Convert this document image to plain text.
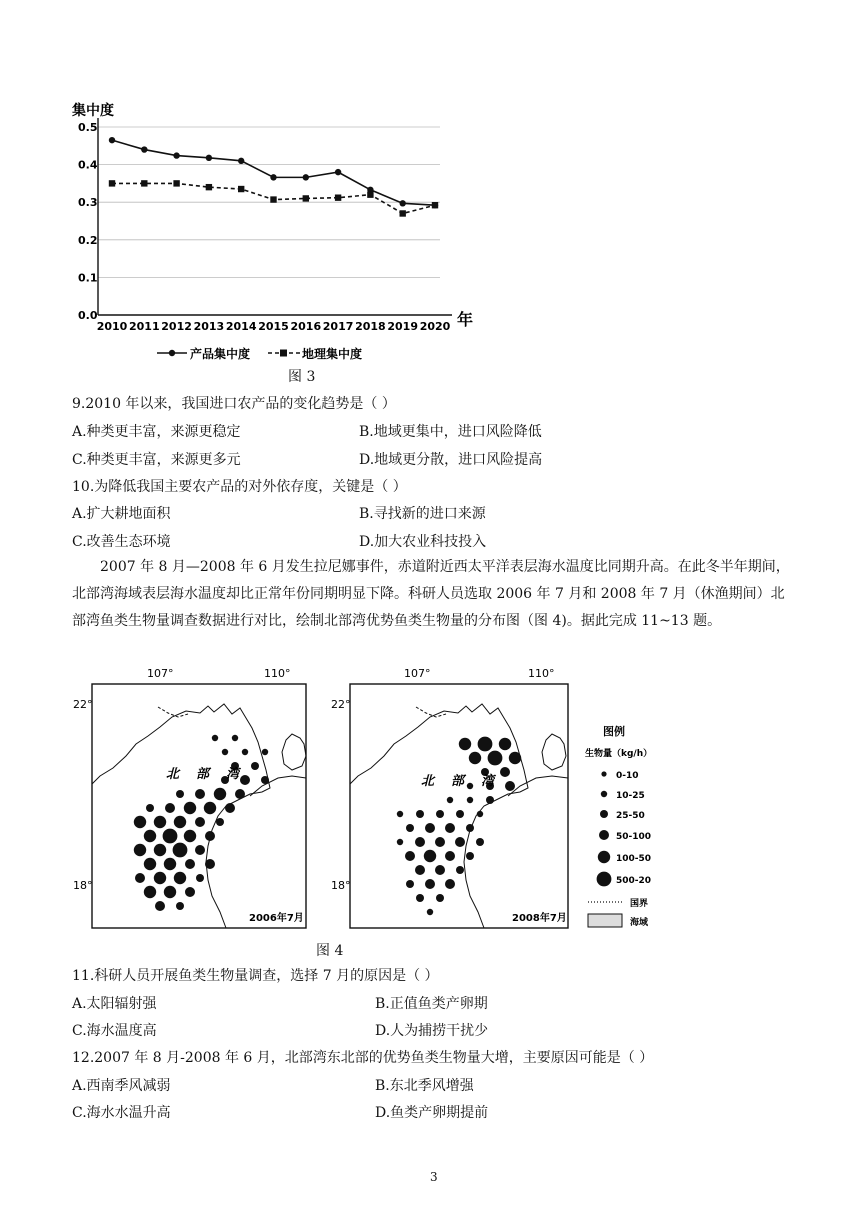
集中度
0.0
0.1
0.2
0.3
0.4
0.5
2010 2011 2012 2013 2014 2015 2016 2017 2018 2019 2020 年
产品集中度	地理集中度
图 3
9.2010 年以来，我国进口农产品的变化趋势是（ ）
A.种类更丰富，来源更稳定	B.地域更集中，进口风险降低
C.种类更丰富，来源更多元	D.地域更分散，进口风险提高
10.为降低我国主要农产品的对外依存度，关键是（ ）
A.扩大耕地面积	B.寻找新的进口来源
C.改善生态环境	D.加大农业科技投入
2007 年 8 月—2008 年 6 月发生拉尼娜事件，赤道附近西太平洋表层海水温度比同期升高。在此冬半年期间，北部湾海域表层海水温度却比正常年份同期明显下降。科研人员选取 2006 年 7 月和 2008 年 7 月（休渔期间）北部湾鱼类生物量调查数据进行对比，绘制北部湾优势鱼类生物量的分布图（图 4)。据此完成 11~13 题。
107°	110°
22°
18°
北 部 湾
2006年7月
107°	110°
22°
18°
北 部 湾
2008年7月
图例
生物量（kg/h）
0-10
10-25
25-50
50-100
100-50
500-20
国界
海域
图 4
11.科研人员开展鱼类生物量调查，选择 7 月的原因是（ ）
A.太阳辐射强	B.正值鱼类产卵期
C.海水温度高	D.人为捕捞干扰少
12.2007 年 8 月-2008 年 6 月，北部湾东北部的优势鱼类生物量大增，主要原因可能是（ ）
A.西南季风减弱	B.东北季风增强
C.海水水温升高	D.鱼类产卵期提前
3
